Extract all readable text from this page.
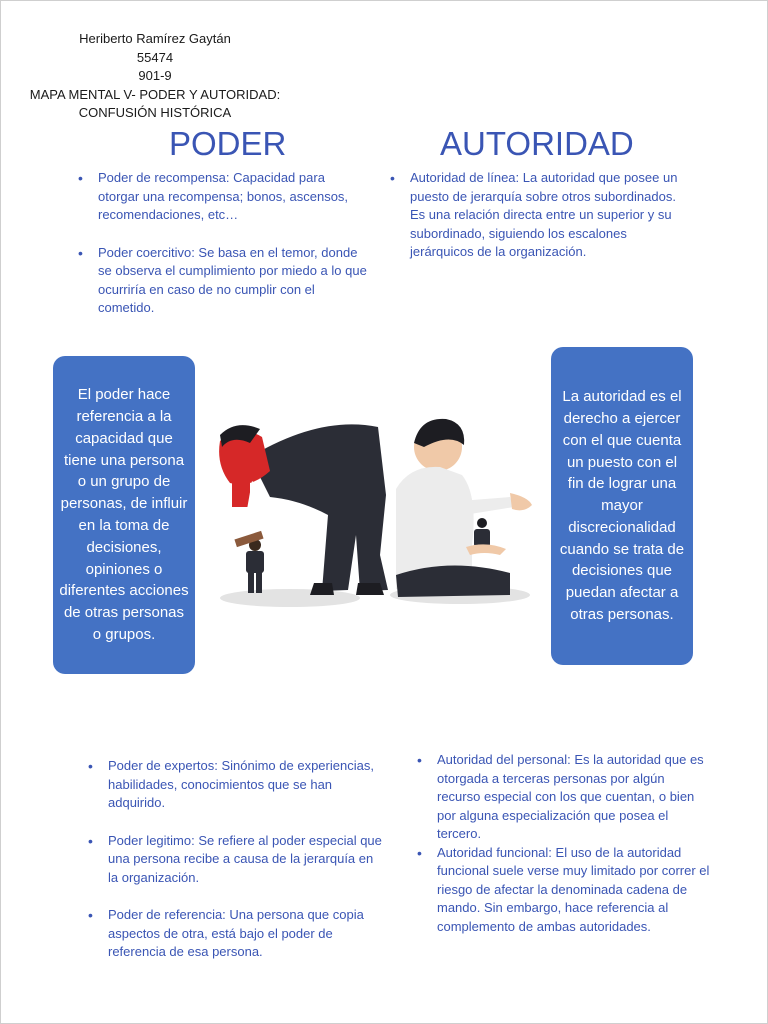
Heriberto Ramírez Gaytán
55474
901-9
MAPA MENTAL V- PODER Y AUTORIDAD:
CONFUSIÓN HISTÓRICA
PODER	AUTORIDAD
• Poder de recompensa: Capacidad para otorgar una recompensa; bonos, ascensos, recomendaciones, etc…
• Poder coercitivo: Se basa en el temor, donde se observa el cumplimiento por miedo a lo que ocurriría en caso de no cumplir con el cometido.
• Autoridad de línea: La autoridad que posee un puesto de jerarquía sobre otros subordinados. Es una relación directa entre un superior y su subordinado, siguiendo los escalones jerárquicos de la organización.
El poder hace referencia a la capacidad que tiene una persona o un grupo de personas, de influir en la toma de decisiones, opiniones o diferentes acciones de otras personas o grupos.
La autoridad es el derecho a ejercer con el que cuenta un puesto con el fin de lograr una mayor discrecionalidad cuando se trata de decisiones que puedan afectar a otras personas.
• Poder de expertos: Sinónimo de experiencias, habilidades, conocimientos que se han adquirido.
• Poder legitimo: Se refiere al poder especial que una persona recibe a causa de la jerarquía en la organización.
• Poder de referencia: Una persona que copia aspectos de otra, está bajo el poder de referencia de esa persona.
• Autoridad del personal: Es la autoridad que es otorgada a terceras personas por algún recurso especial con los que cuentan, o bien por alguna especialización que posea el tercero.
• Autoridad funcional: El uso de la autoridad funcional suele verse muy limitado por correr el riesgo de afectar la denominada cadena de mando. Sin embargo, hace referencia al complemento de ambas autoridades.
